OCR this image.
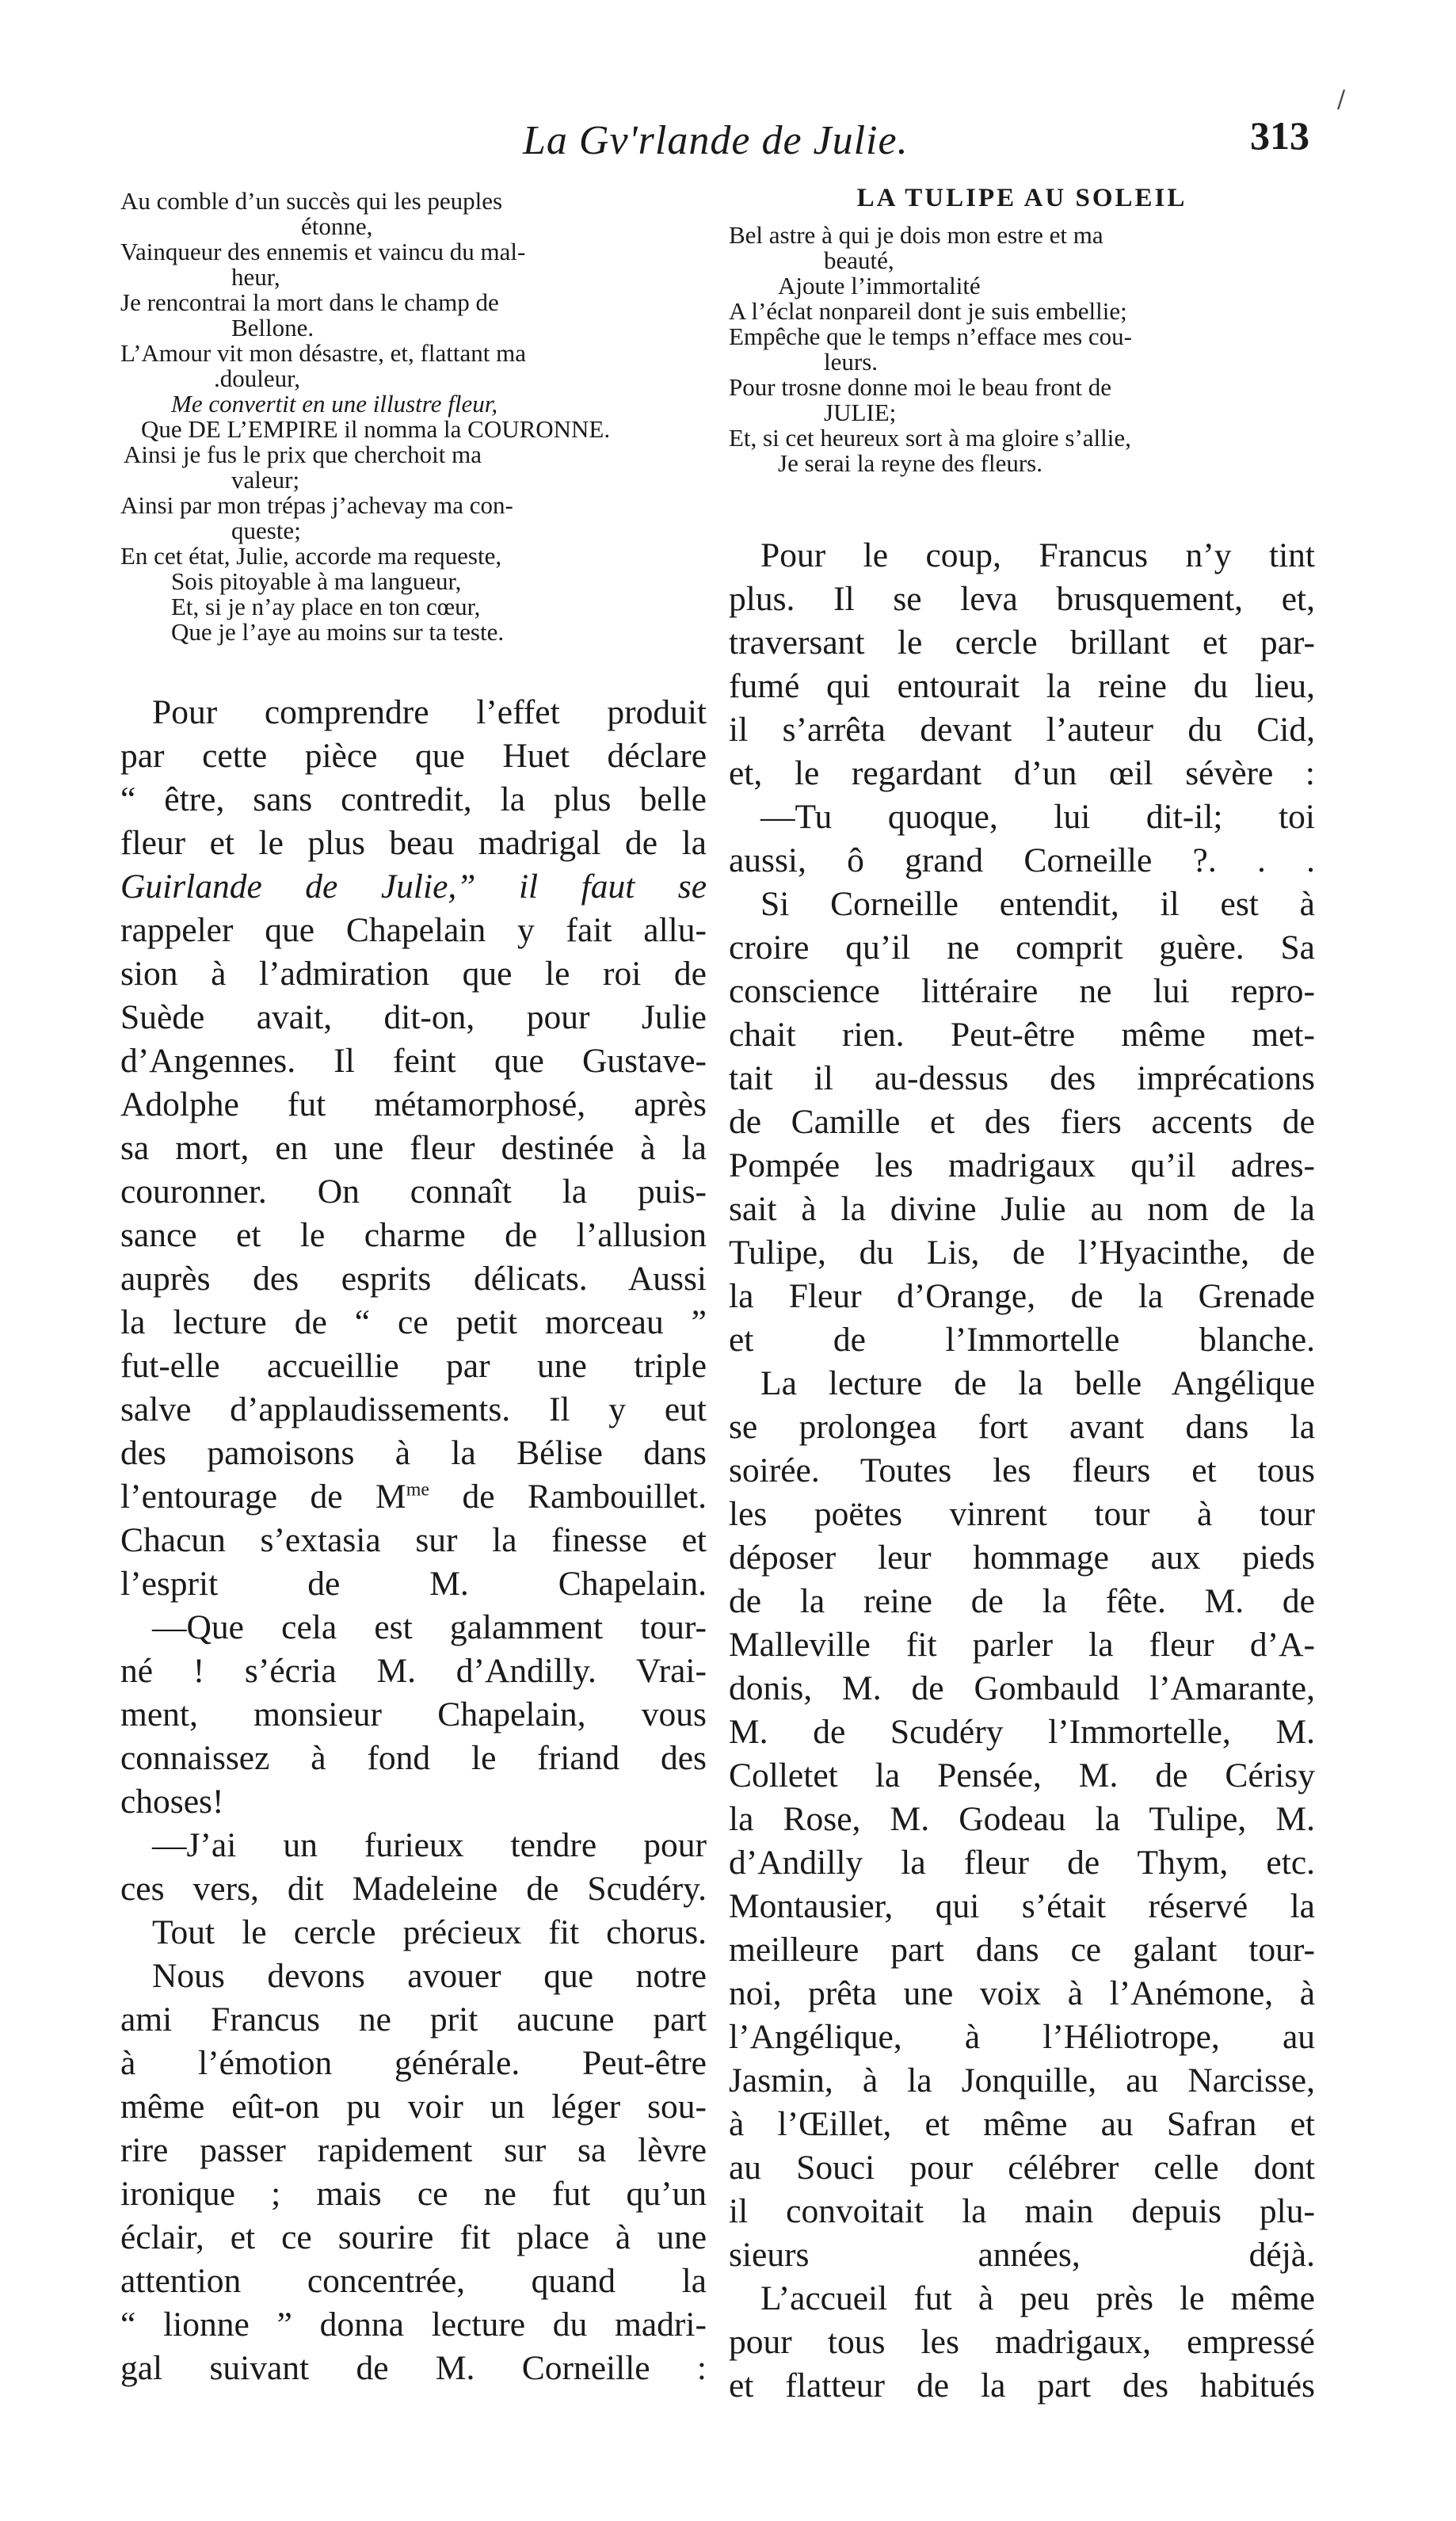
/
La Gv'rlande de Julie.	313
Au comble d’un succès qui les peuples
étonne,
Vainqueur des ennemis et vaincu du mal-
heur,
Je rencontrai la mort dans le champ de
Bellone.
L’Amour vit mon désastre, et, flattant ma
.douleur,
Me convertit en une illustre fleur,
Que DE L’EMPIRE il nomma la COURONNE.
Ainsi je fus le prix que cherchoit ma
valeur;
Ainsi par mon trépas j’achevay ma con-
queste;
En cet état, Julie, accorde ma requeste,
Sois pitoyable à ma langueur,
Et, si je n’ay place en ton cœur,
Que je l’aye au moins sur ta teste.
Pour comprendre l’effet produit
par cette pièce que Huet déclare
“ être, sans contredit, la plus belle
fleur et le plus beau madrigal de la
Guirlande de Julie,” il faut se
rappeler que Chapelain y fait allu-
sion à l’admiration que le roi de
Suède avait, dit-on, pour Julie
d’Angennes. Il feint que Gustave-
Adolphe fut métamorphosé, après
sa mort, en une fleur destinée à la
couronner. On connaît la puis-
sance et le charme de l’allusion
auprès des esprits délicats. Aussi
la lecture de “ ce petit morceau ”
fut-elle accueillie par une triple
salve d’applaudissements. Il y eut
des pamoisons à la Bélise dans
l’entourage de $M^{me}$ de Rambouillet.
Chacun s’extasia sur la finesse et
l’esprit de M. Chapelain.
—Que cela est galamment tour-
né ! s’écria M. d’Andilly. Vrai-
ment, monsieur Chapelain, vous
connaissez à fond le friand des
choses!
—J’ai un furieux tendre pour
ces vers, dit Madeleine de Scudéry.
Tout le cercle précieux fit chorus.
Nous devons avouer que notre
ami Francus ne prit aucune part
à l’émotion générale. Peut-être
même eût-on pu voir un léger sou-
rire passer rapidement sur sa lèvre
ironique ; mais ce ne fut qu’un
éclair, et ce sourire fit place à une
attention concentrée, quand la
“ lionne ” donna lecture du madri-
gal suivant de M. Corneille :
LA TULIPE AU SOLEIL
Bel astre à qui je dois mon estre et ma
beauté,
Ajoute l’immortalité
A l’éclat nonpareil dont je suis embellie;
Empêche que le temps n’efface mes cou-
leurs.
Pour trosne donne moi le beau front de
JULIE;
Et, si cet heureux sort à ma gloire s’allie,
Je serai la reyne des fleurs.
Pour le coup, Francus n’y tint
plus. Il se leva brusquement, et,
traversant le cercle brillant et par-
fumé qui entourait la reine du lieu,
il s’arrêta devant l’auteur du Cid,
et, le regardant d’un œil sévère :
—Tu quoque, lui dit-il; toi
aussi, ô grand Corneille ?. . .
Si Corneille entendit, il est à
croire qu’il ne comprit guère. Sa
conscience littéraire ne lui repro-
chait rien. Peut-être même met-
tait il au-dessus des imprécations
de Camille et des fiers accents de
Pompée les madrigaux qu’il adres-
sait à la divine Julie au nom de la
Tulipe, du Lis, de l’Hyacinthe, de
la Fleur d’Orange, de la Grenade
et de l’Immortelle blanche.
La lecture de la belle Angélique
se prolongea fort avant dans la
soirée. Toutes les fleurs et tous
les poëtes vinrent tour à tour
déposer leur hommage aux pieds
de la reine de la fête. M. de
Malleville fit parler la fleur d’A-
donis, M. de Gombauld l’Amarante,
M. de Scudéry l’Immortelle, M.
Colletet la Pensée, M. de Cérisy
la Rose, M. Godeau la Tulipe, M.
d’Andilly la fleur de Thym, etc.
Montausier, qui s’était réservé la
meilleure part dans ce galant tour-
noi, prêta une voix à l’Anémone, à
l’Angélique, à l’Héliotrope, au
Jasmin, à la Jonquille, au Narcisse,
à l’Œillet, et même au Safran et
au Souci pour célébrer celle dont
il convoitait la main depuis plu-
sieurs années, déjà.
L’accueil fut à peu près le même
pour tous les madrigaux, empressé
et flatteur de la part des habitués
